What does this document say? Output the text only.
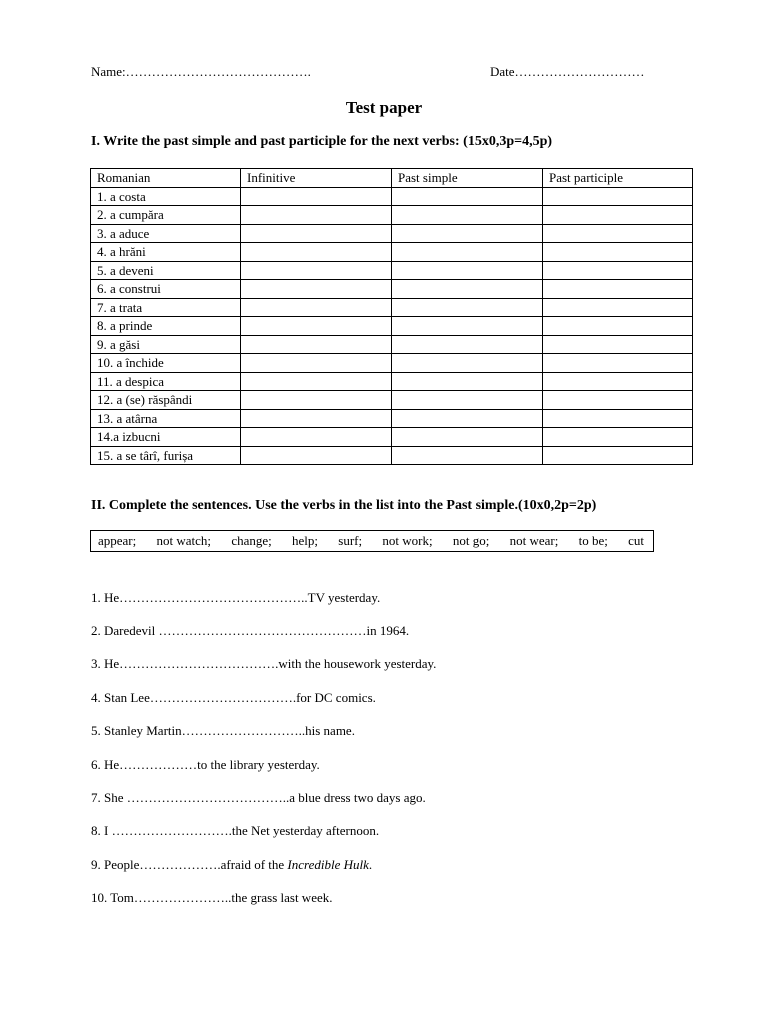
Name:…………………………………….	Date…………………………
Test paper
I. Write the past simple and past participle for the next verbs: (15x0,3p=4,5p)
Romanian	Infinitive	Past simple	Past participle
1. a costa			
2. a cumpăra			
3. a aduce			
4. a hrăni			
5. a deveni			
6. a construi			
7. a trata			
8. a prinde			
9. a găsi			
10. a închide			
11. a despica			
12. a (se) răspândi			
13. a atârna			
14.a izbucni			
15. a se târî, furișa			
II. Complete the sentences. Use the verbs in the list into the Past simple.(10x0,2p=2p)
appear; not watch; change; help; surf; not work; not go; not wear; to be; cut
1. He……………………………………..TV yesterday.
2. Daredevil …………………………………………in 1964.
3. He……………………………….with the housework yesterday.
4. Stan Lee…………………………….for DC comics.
5. Stanley Martin………………………..his name.
6. He………………to the library yesterday.
7. She ………………………………..a blue dress two days ago.
8. I ……………………….the Net yesterday afternoon.
9. People……………….afraid of the Incredible Hulk.
10. Tom…………………..the grass last week.
